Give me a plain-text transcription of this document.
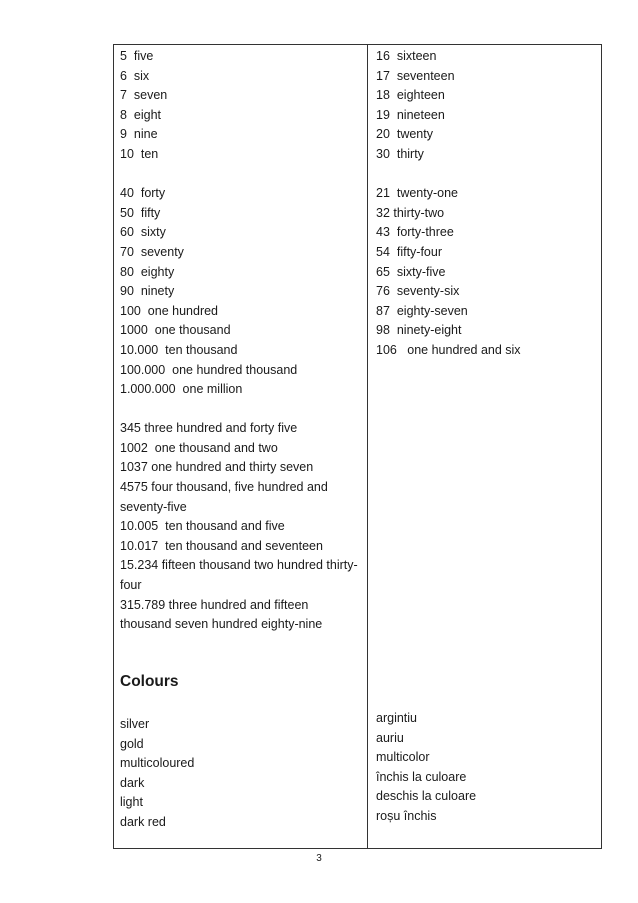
5  five
6  six
7  seven
8  eight
9  nine
10  ten
40  forty
50  fifty
60  sixty
70  seventy
80  eighty
90  ninety
100  one hundred
1000  one thousand
10.000  ten thousand
100.000  one hundred thousand
1.000.000  one million
345 three hundred and forty five
1002  one thousand and two
1037 one hundred and thirty seven
4575 four thousand, five hundred and seventy-five
10.005  ten thousand and five
10.017  ten thousand and seventeen
15.234 fifteen thousand two hundred thirty-four
315.789 three hundred and fifteen thousand seven hundred eighty-nine
16  sixteen
17  seventeen
18  eighteen
19  nineteen
20  twenty
30  thirty
21  twenty-one
32 thirty-two
43  forty-three
54  fifty-four
65  sixty-five
76  seventy-six
87  eighty-seven
98  ninety-eight
106   one hundred and six
Colours
silver
gold
multicoloured
dark
light
dark red
argintiu
auriu
multicolor
închis la culoare
deschis la culoare
roșu închis
3
